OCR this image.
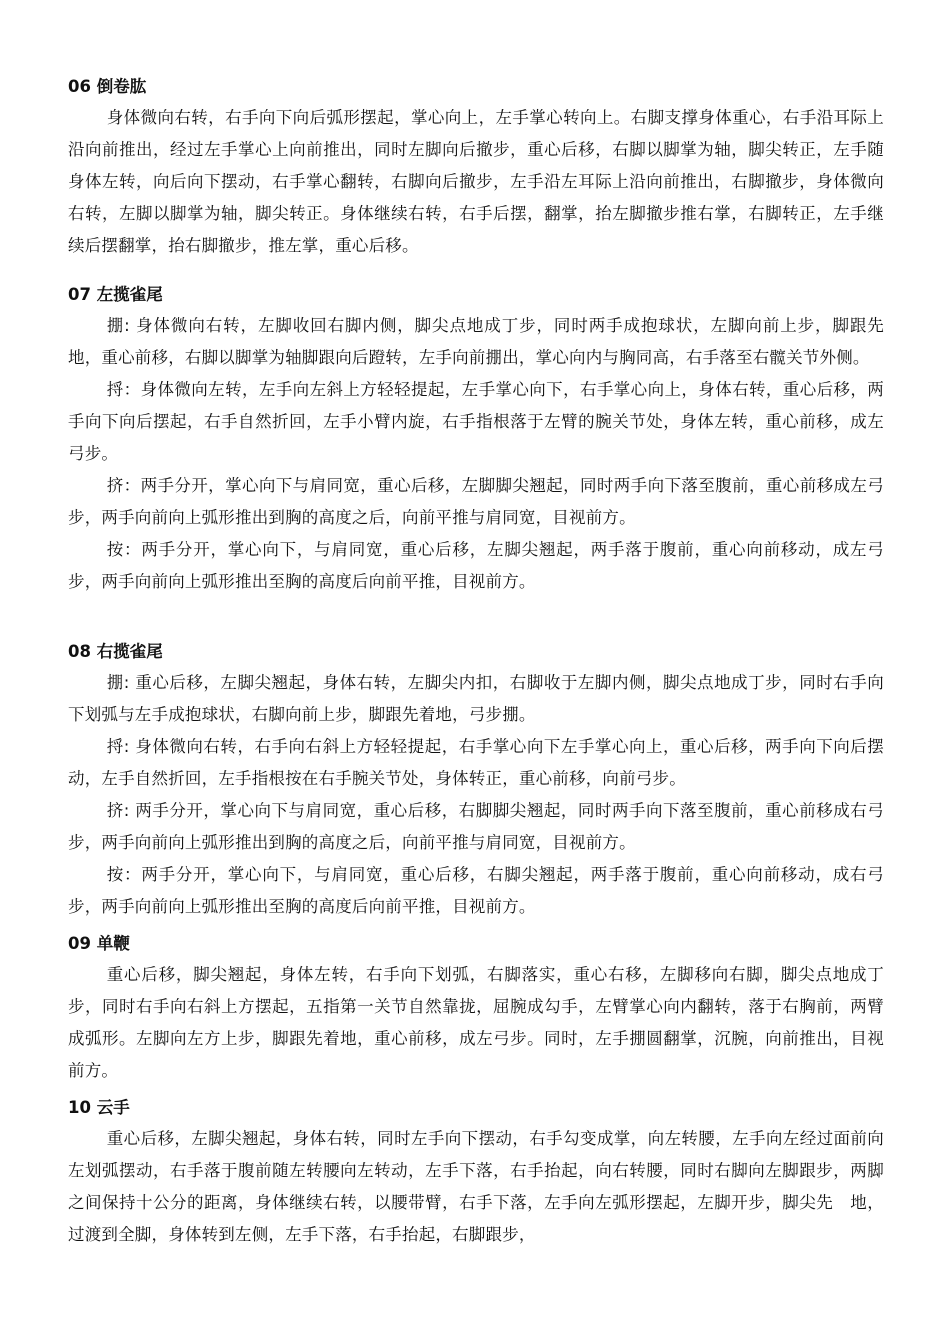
06 倒卷肱

身体微向右转，右手向下向后弧形摆起，掌心向上，左手掌心转向上。右脚支撑身体重心，右手沿耳际上沿向前推出，经过左手掌心上向前推出，同时左脚向后撤步，重心后移，右脚以脚掌为轴，脚尖转正，左手随身体左转，向后向下摆动，右手掌心翻转，右脚向后撤步，左手沿左耳际上沿向前推出，右脚撤步，身体微向右转，左脚以脚掌为轴，脚尖转正。身体继续右转，右手后摆，翻掌，抬左脚撤步推右掌，右脚转正，左手继续后摆翻掌，抬右脚撤步，推左掌，重心后移。

07 左揽雀尾

掤: 身体微向右转，左脚收回右脚内侧，脚尖点地成丁步，同时两手成抱球状，左脚向前上步，脚跟先　地，重心前移，右脚以脚掌为轴脚跟向后蹬转，左手向前掤出，掌心向内与胸同高，右手落至右髋关节外侧。

捋：身体微向左转，左手向左斜上方轻轻提起，左手掌心向下，右手掌心向上，身体右转，重心后移，两手向下向后摆起，右手自然折回，左手小臂内旋，右手指根落于左臂的腕关节处，身体左转，重心前移，成左弓步。

挤：两手分开，掌心向下与肩同宽，重心后移，左脚脚尖翘起，同时两手向下落至腹前，重心前移成左弓步，两手向前向上弧形推出到胸的高度之后，向前平推与肩同宽，目视前方。

按：两手分开，掌心向下，与肩同宽，重心后移，左脚尖翘起，两手落于腹前，重心向前移动，成左弓步，两手向前向上弧形推出至胸的高度后向前平推，目视前方。

08 右揽雀尾

掤: 重心后移，左脚尖翘起，身体右转，左脚尖内扣，右脚收于左脚内侧，脚尖点地成丁步，同时右手向下划弧与左手成抱球状，右脚向前上步，脚跟先着地，弓步掤。

捋: 身体微向右转，右手向右斜上方轻轻提起，右手掌心向下左手掌心向上，重心后移，两手向下向后摆动，左手自然折回，左手指根按在右手腕关节处，身体转正，重心前移，向前弓步。

挤: 两手分开，掌心向下与肩同宽，重心后移，右脚脚尖翘起，同时两手向下落至腹前，重心前移成右弓步，两手向前向上弧形推出到胸的高度之后，向前平推与肩同宽，目视前方。

按：两手分开，掌心向下，与肩同宽，重心后移，右脚尖翘起，两手落于腹前，重心向前移动，成右弓步，两手向前向上弧形推出至胸的高度后向前平推，目视前方。

09 单鞭

重心后移，脚尖翘起，身体左转，右手向下划弧，右脚落实，重心右移，左脚移向右脚，脚尖点地成丁步，同时右手向右斜上方摆起，五指第一关节自然靠拢，屈腕成勾手，左臂掌心向内翻转，落于右胸前，两臂成弧形。左脚向左方上步，脚跟先着地，重心前移，成左弓步。同时，左手掤圆翻掌，沉腕，向前推出，目视前方。

10 云手

重心后移，左脚尖翘起，身体右转，同时左手向下摆动，右手勾变成掌，向左转腰，左手向左经过面前向左划弧摆动，右手落于腹前随左转腰向左转动，左手下落，右手抬起，向右转腰，同时右脚向左脚跟步，两脚之间保持十公分的距离，身体继续右转，以腰带臂，右手下落，左手向左弧形摆起，左脚开步，脚尖先　地，过渡到全脚，身体转到左侧，左手下落，右手抬起，右脚跟步，
